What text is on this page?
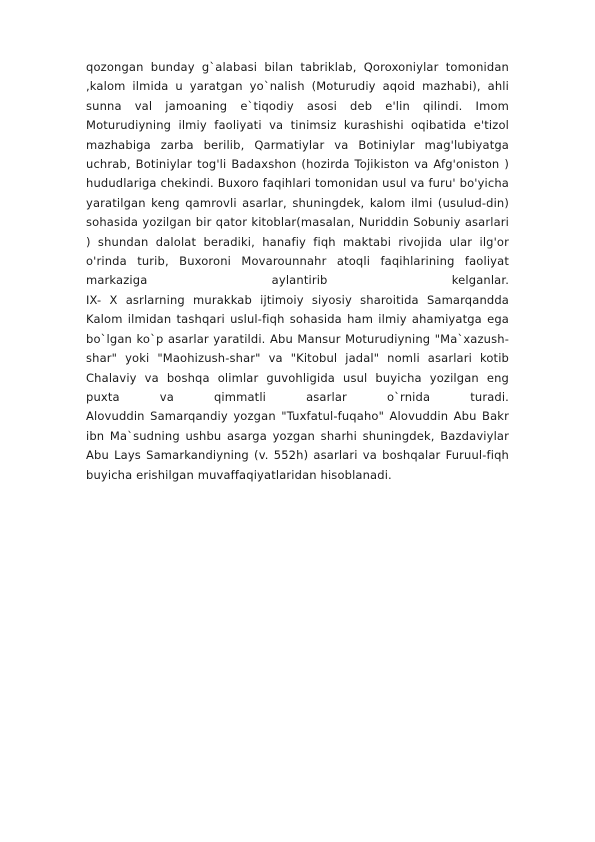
qozongan bunday g`alabasi bilan tabriklab, Qoroxoniylar tomonidan ,kalom ilmida u yaratgan yo`nalish (Moturudiy aqoid mazhabi), ahli sunna val jamoaning e`tiqodiy asosi deb e'lin qilindi. Imom Moturudiyning ilmiy faoliyati va tinimsiz kurashishi oqibatida e'tizol mazhabiga zarba berilib, Qarmatiylar va Botiniylar mag'lubiyatga uchrab, Botiniylar tog'li Badaxshon (hozirda Tojikiston va Afg'oniston ) hududlariga chekindi. Buxoro faqihlari tomonidan usul va furu' bo'yicha yaratilgan keng qamrovli asarlar, shuningdek, kalom ilmi (usulud-din) sohasida yozilgan bir qator kitoblar(masalan, Nuriddin Sobuniy asarlari ) shundan dalolat beradiki, hanafiy fiqh maktabi rivojida ular ilg'or o'rinda turib, Buxoroni Movarounnahr atoqli faqihlarining faoliyat markaziga aylantirib kelganlar.

IX- X asrlarning murakkab ijtimoiy siyosiy sharoitida Samarqandda Kalom ilmidan tashqari uslul-fiqh sohasida ham ilmiy ahamiyatga ega bo`lgan ko`p asarlar yaratildi. Abu Mansur Moturudiyning "Ma`xazush-shar" yoki "Maohizush-shar" va "Kitobul jadal" nomli asarlari kotib Chalaviy va boshqa olimlar guvohligida usul buyicha yozilgan eng puxta va qimmatli asarlar o`rnida turadi.

Alovuddin Samarqandiy yozgan "Tuxfatul-fuqaho" Alovuddin Abu Bakr ibn Ma`sudning ushbu asarga yozgan sharhi shuningdek, Bazdaviylar Abu Lays Samarkandiyning (v. 552h) asarlari va boshqalar Furuul-fiqh buyicha erishilgan muvaffaqiyatlaridan hisoblanadi.
